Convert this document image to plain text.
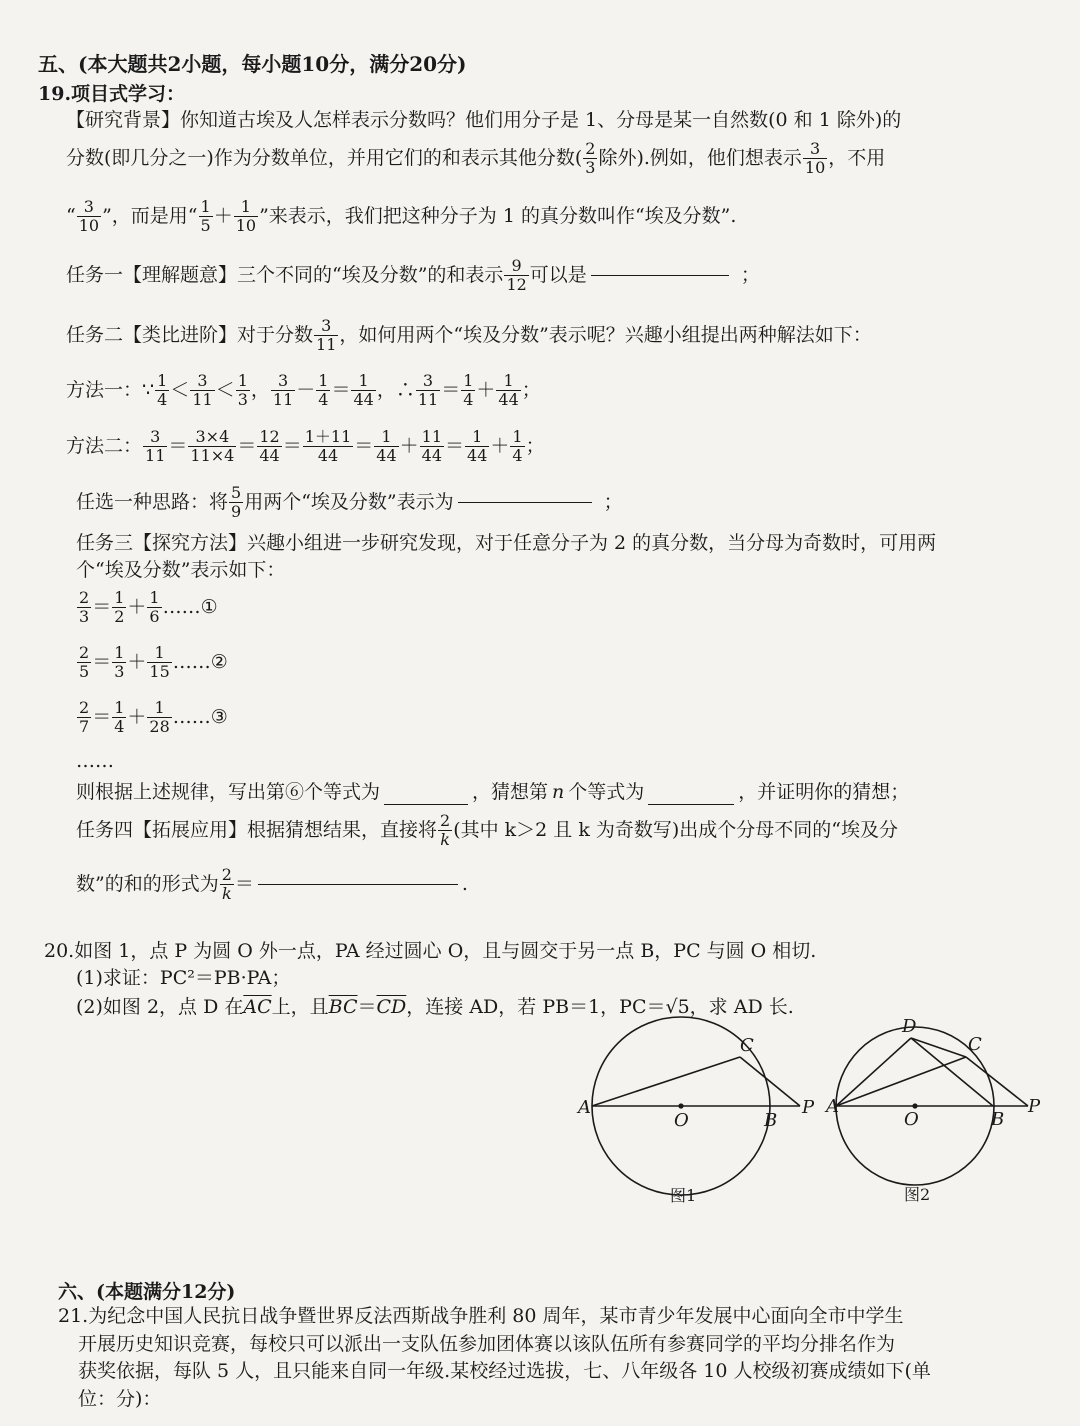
五、(本大题共2小题，每小题10分，满分20分)
19.项目式学习：
【研究背景】你知道古埃及人怎样表示分数吗？他们用分子是 1、分母是某一自然数(0 和 1 除外)的
分数(即几分之一)作为分数单位，并用它们的和表示其他分数( $\frac{2}{3}$ 除外).例如，他们想表示 $\frac{3}{10}$ ，不用
“ $\frac{3}{10}$ ”，而是用“ $\frac{1}{5} + \frac{1}{10}$ ”来表示，我们把这种分子为 1 的真分数叫作“埃及分数”.
任务一【理解题意】三个不同的“埃及分数”的和表示 $\frac{9}{12}$ 可以是	；
任务二【类比进阶】对于分数 $\frac{3}{11}$ ，如何用两个“埃及分数”表示呢？兴趣小组提出两种解法如下：
方法一： ∵ $\frac{1}{4} < \frac{3}{11} < \frac{1}{3}$ ， $\frac{3}{11} - \frac{1}{4} = \frac{1}{44}$ ，∴ $\frac{3}{11} = \frac{1}{4} + \frac{1}{44}$ ；
方法二： $\frac{3}{11} = \frac{3\times 4}{11\times 4} = \frac{12}{44} = \frac{1+11}{44} = \frac{1}{44} + \frac{11}{44} = \frac{1}{44} + \frac{1}{4}$ ；
任选一种思路：将 $\frac{5}{9}$ 用两个“埃及分数”表示为	；
任务三【探究方法】兴趣小组进一步研究发现，对于任意分子为 2 的真分数，当分母为奇数时，可用两
个“埃及分数”表示如下：
$\frac{2}{3} = \frac{1}{2} + \frac{1}{6}$ ……①
$\frac{2}{5} = \frac{1}{3} + \frac{1}{15}$ ……②
$\frac{2}{7} = \frac{1}{4} + \frac{1}{28}$ ……③
……
则根据上述规律，写出第⑥个等式为	，猜想第 n 个等式为	，并证明你的猜想；
任务四【拓展应用】根据猜想结果，直接将 $\frac{2}{k}$ (其中 k＞2 且 k 为奇数写)出成个分母不同的“埃及分
数”的和的形式为 $\frac{2}{k}$ ＝	.
20.如图 1，点 P 为圆 O 外一点，PA 经过圆心 O，且与圆交于另一点 B，PC 与圆 O 相切.
(1)求证：PC²＝PB·PA；
(2)如图 2，点 D 在$\overline{AC}$上，且$\overline{BC}=\overline{CD}$，连接 AD，若 PB＝1，PC＝√5，求 AD 长.
A
O	B
P
C
图1
A
O	B
P
C
D
图2
六、(本题满分12分)
21.为纪念中国人民抗日战争暨世界反法西斯战争胜利 80 周年，某市青少年发展中心面向全市中学生
开展历史知识竞赛，每校只可以派出一支队伍参加团体赛以该队伍所有参赛同学的平均分排名作为
获奖依据，每队 5 人，且只能来自同一年级.某校经过选拔，七、八年级各 10 人校级初赛成绩如下(单
位：分)：
